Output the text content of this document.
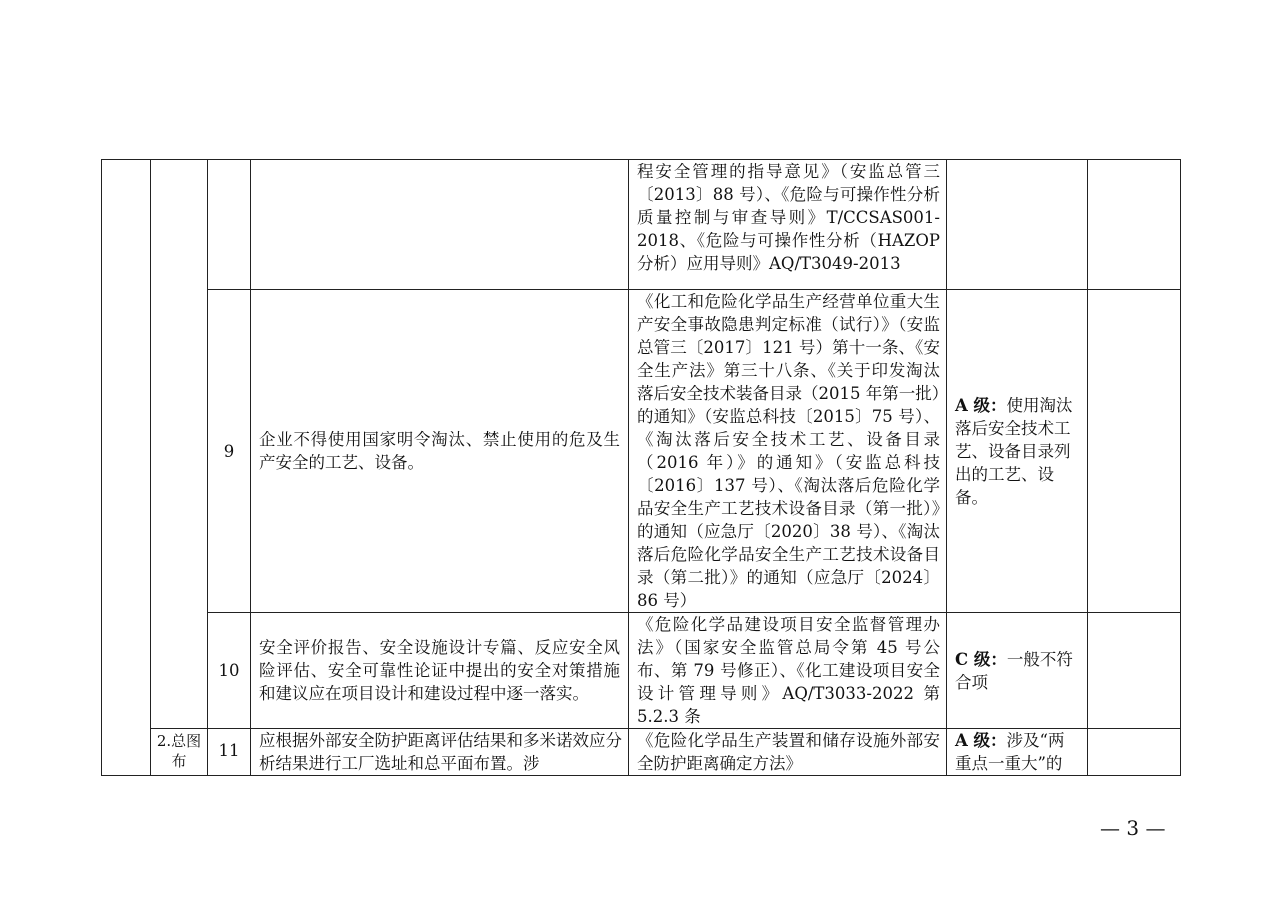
				程安全管理的指导意见》（安监总管三〔2013〕88 号）、《危险与可操作性分析质量控制与审查导则》T/CCSAS001-2018、《危险与可操作性分析（HAZOP 分析）应用导则》AQ/T3049-2013		
		9	企业不得使用国家明令淘汰、禁止使用的危及生产安全的工艺、设备。	《化工和危险化学品生产经营单位重大生产安全事故隐患判定标准（试行）》（安监总管三〔2017〕121 号）第十一条、《安全生产法》第三十八条、《关于印发淘汰落后安全技术装备目录（2015 年第一批）的通知》（安监总科技〔2015〕75 号）、《淘汰落后安全技术工艺、设备目录（2016 年）》的通知》（安监总科技〔2016〕137 号）、《淘汰落后危险化学品安全生产工艺技术设备目录（第一批）》的通知（应急厅〔2020〕38 号）、《淘汰落后危险化学品安全生产工艺技术设备目录（第二批）》的通知（应急厅〔2024〕86 号）	A 级：使用淘汰落后安全技术工艺、设备目录列出的工艺、设备。	
		10	安全评价报告、安全设施设计专篇、反应安全风险评估、安全可靠性论证中提出的安全对策措施和建议应在项目设计和建设过程中逐一落实。	《危险化学品建设项目安全监督管理办法》（国家安全监管总局令第 45 号公布、第 79 号修正）、《化工建设项目安全设计管理导则》AQ/T3033-2022 第 5.2.3 条	C 级：一般不符合项	
	2.总图布	11	应根据外部安全防护距离评估结果和多米诺效应分析结果进行工厂选址和总平面布置。涉	《危险化学品生产装置和储存设施外部安全防护距离确定方法》	A 级：涉及“两重点一重大”的	
— 3 —
